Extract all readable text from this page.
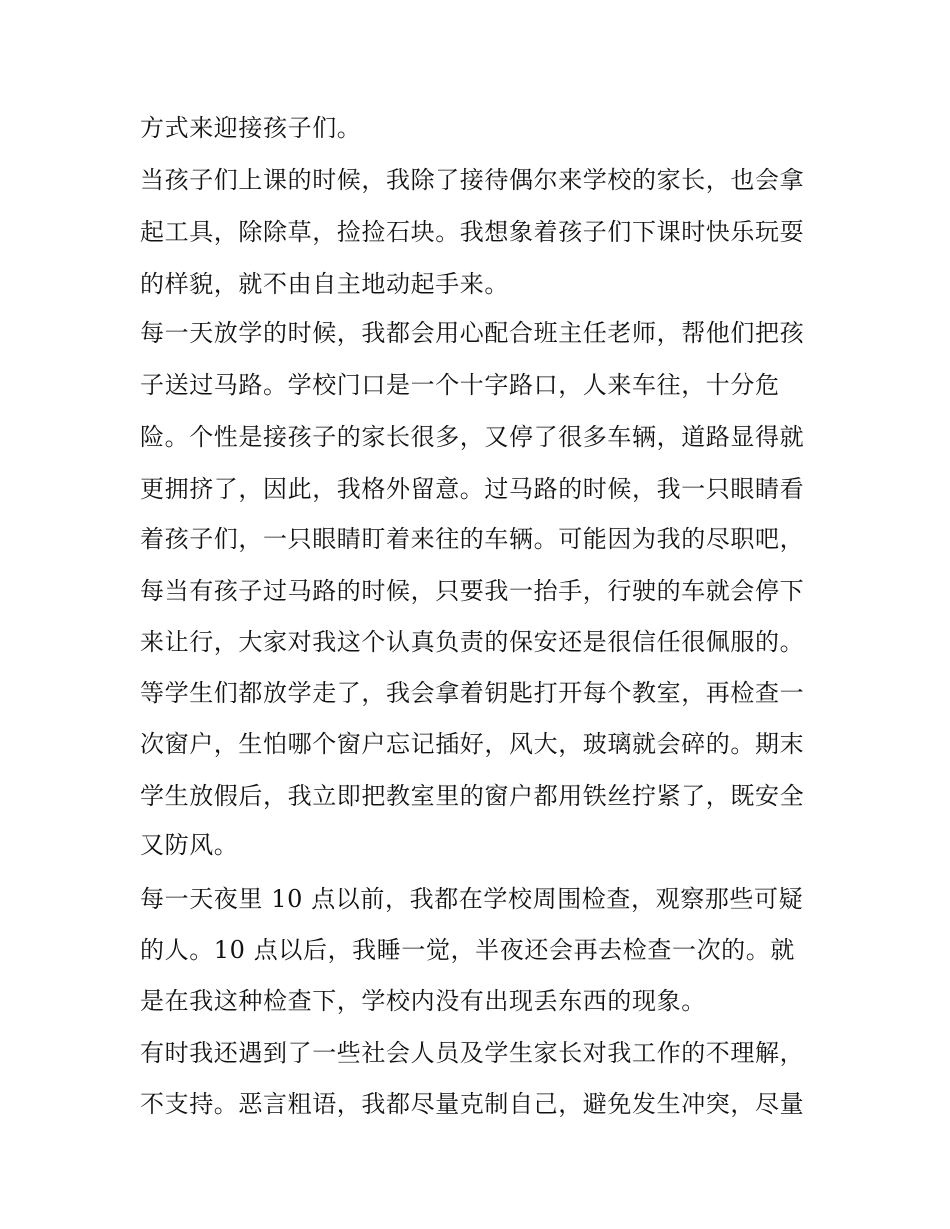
方式来迎接孩子们。
当孩子们上课的时候，我除了接待偶尔来学校的家长，也会拿
起工具，除除草，捡捡石块。我想象着孩子们下课时快乐玩耍
的样貌，就不由自主地动起手来。
每一天放学的时候，我都会用心配合班主任老师，帮他们把孩
子送过马路。学校门口是一个十字路口，人来车往，十分危
险。个性是接孩子的家长很多，又停了很多车辆，道路显得就
更拥挤了，因此，我格外留意。过马路的时候，我一只眼睛看
着孩子们，一只眼睛盯着来往的车辆。可能因为我的尽职吧，
每当有孩子过马路的时候，只要我一抬手，行驶的车就会停下
来让行，大家对我这个认真负责的保安还是很信任很佩服的。
等学生们都放学走了，我会拿着钥匙打开每个教室，再检查一
次窗户，生怕哪个窗户忘记插好，风大，玻璃就会碎的。期末
学生放假后，我立即把教室里的窗户都用铁丝拧紧了，既安全
又防风。
每一天夜里 10 点以前，我都在学校周围检查，观察那些可疑
的人。10 点以后，我睡一觉，半夜还会再去检查一次的。就
是在我这种检查下，学校内没有出现丢东西的现象。
有时我还遇到了一些社会人员及学生家长对我工作的不理解，
不支持。恶言粗语，我都尽量克制自己，避免发生冲突，尽量
